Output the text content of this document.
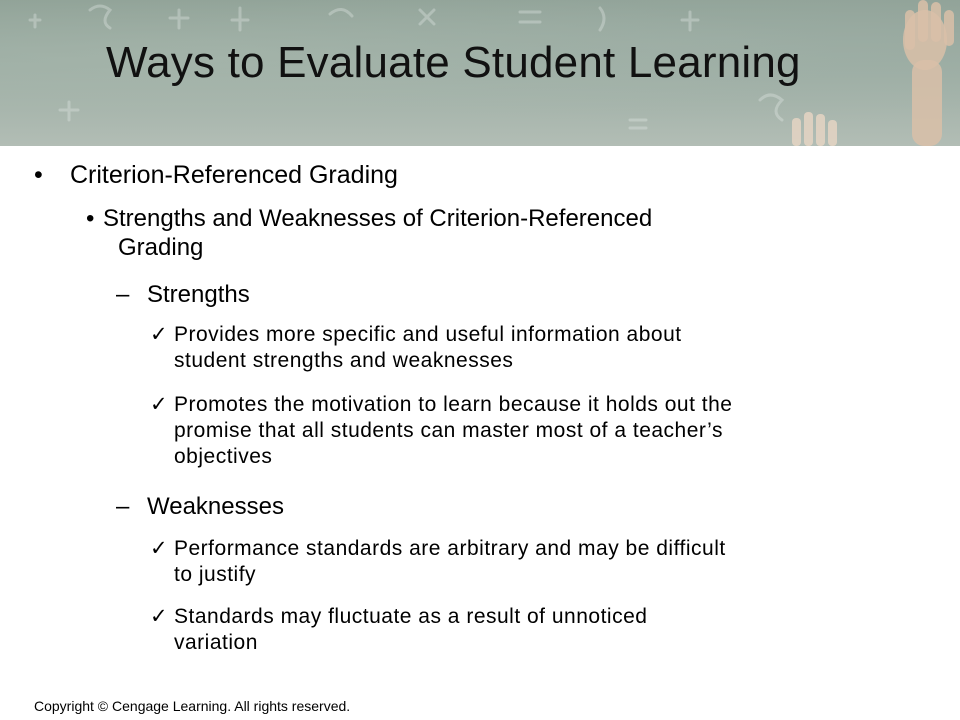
Ways to Evaluate Student Learning
• Criterion-Referenced Grading
• Strengths and Weaknesses of Criterion-Referenced
Grading
– Strengths
✓ Provides more specific and useful information about
student strengths and weaknesses
✓ Promotes the motivation to learn because it holds out the
promise that all students can master most of a teacher’s
objectives
– Weaknesses
✓ Performance standards are arbitrary and may be difficult
to justify
✓ Standards may fluctuate as a result of unnoticed
variation
Copyright © Cengage Learning. All rights reserved.
